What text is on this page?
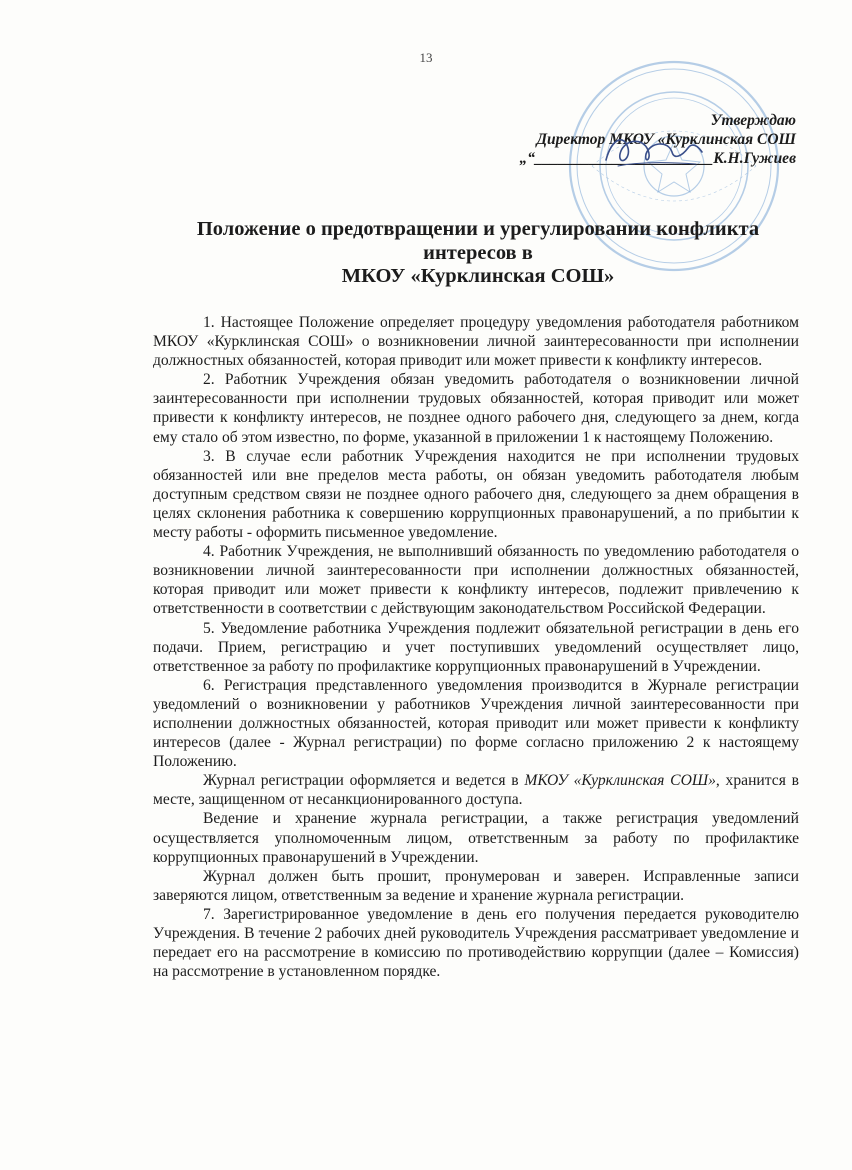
13
Утверждаю
Директор МКОУ «Курклинская СОШ
„“_______________________К.Н.Гужиев
Положение о предотвращении и урегулировании конфликта
интересов в
МКОУ «Курклинская СОШ»

1. Настоящее Положение определяет процедуру уведомления работодателя работником МКОУ «Курклинская СОШ» о возникновении личной заинтересованности при исполнении должностных обязанностей, которая приводит или может привести к конфликту интересов.

2. Работник Учреждения обязан уведомить работодателя о возникновении личной заинтересованности при исполнении трудовых обязанностей, которая приводит или может привести к конфликту интересов, не позднее одного рабочего дня, следующего за днем, когда ему стало об этом известно, по форме, указанной в приложении 1 к настоящему Положению.

3. В случае если работник Учреждения находится не при исполнении трудовых обязанностей или вне пределов места работы, он обязан уведомить работодателя любым доступным средством связи не позднее одного рабочего дня, следующего за днем обращения в целях склонения работника к совершению коррупционных правонарушений, а по прибытии к месту работы - оформить письменное уведомление.

4. Работник Учреждения, не выполнивший обязанность по уведомлению работодателя о возникновении личной заинтересованности при исполнении должностных обязанностей, которая приводит или может привести к конфликту интересов, подлежит привлечению к ответственности в соответствии с действующим законодательством Российской Федерации.

5. Уведомление работника Учреждения подлежит обязательной регистрации в день его подачи. Прием, регистрацию и учет поступивших уведомлений осуществляет лицо, ответственное за работу по профилактике коррупционных правонарушений в Учреждении.

6. Регистрация представленного уведомления производится в Журнале регистрации уведомлений о возникновении у работников Учреждения личной заинтересованности при исполнении должностных обязанностей, которая приводит или может привести к конфликту интересов (далее - Журнал регистрации) по форме согласно приложению 2 к настоящему Положению.

Журнал регистрации оформляется и ведется в МКОУ «Курклинская СОШ», хранится в месте, защищенном от несанкционированного доступа.

Ведение и хранение журнала регистрации, а также регистрация уведомлений осуществляется уполномоченным лицом, ответственным за работу по профилактике коррупционных правонарушений в Учреждении.

Журнал должен быть прошит, пронумерован и заверен. Исправленные записи заверяются лицом, ответственным за ведение и хранение журнала регистрации.

7. Зарегистрированное уведомление в день его получения передается руководителю Учреждения. В течение 2 рабочих дней руководитель Учреждения рассматривает уведомление и передает его на рассмотрение в комиссию по противодействию коррупции (далее – Комиссия) на рассмотрение в установленном порядке.
